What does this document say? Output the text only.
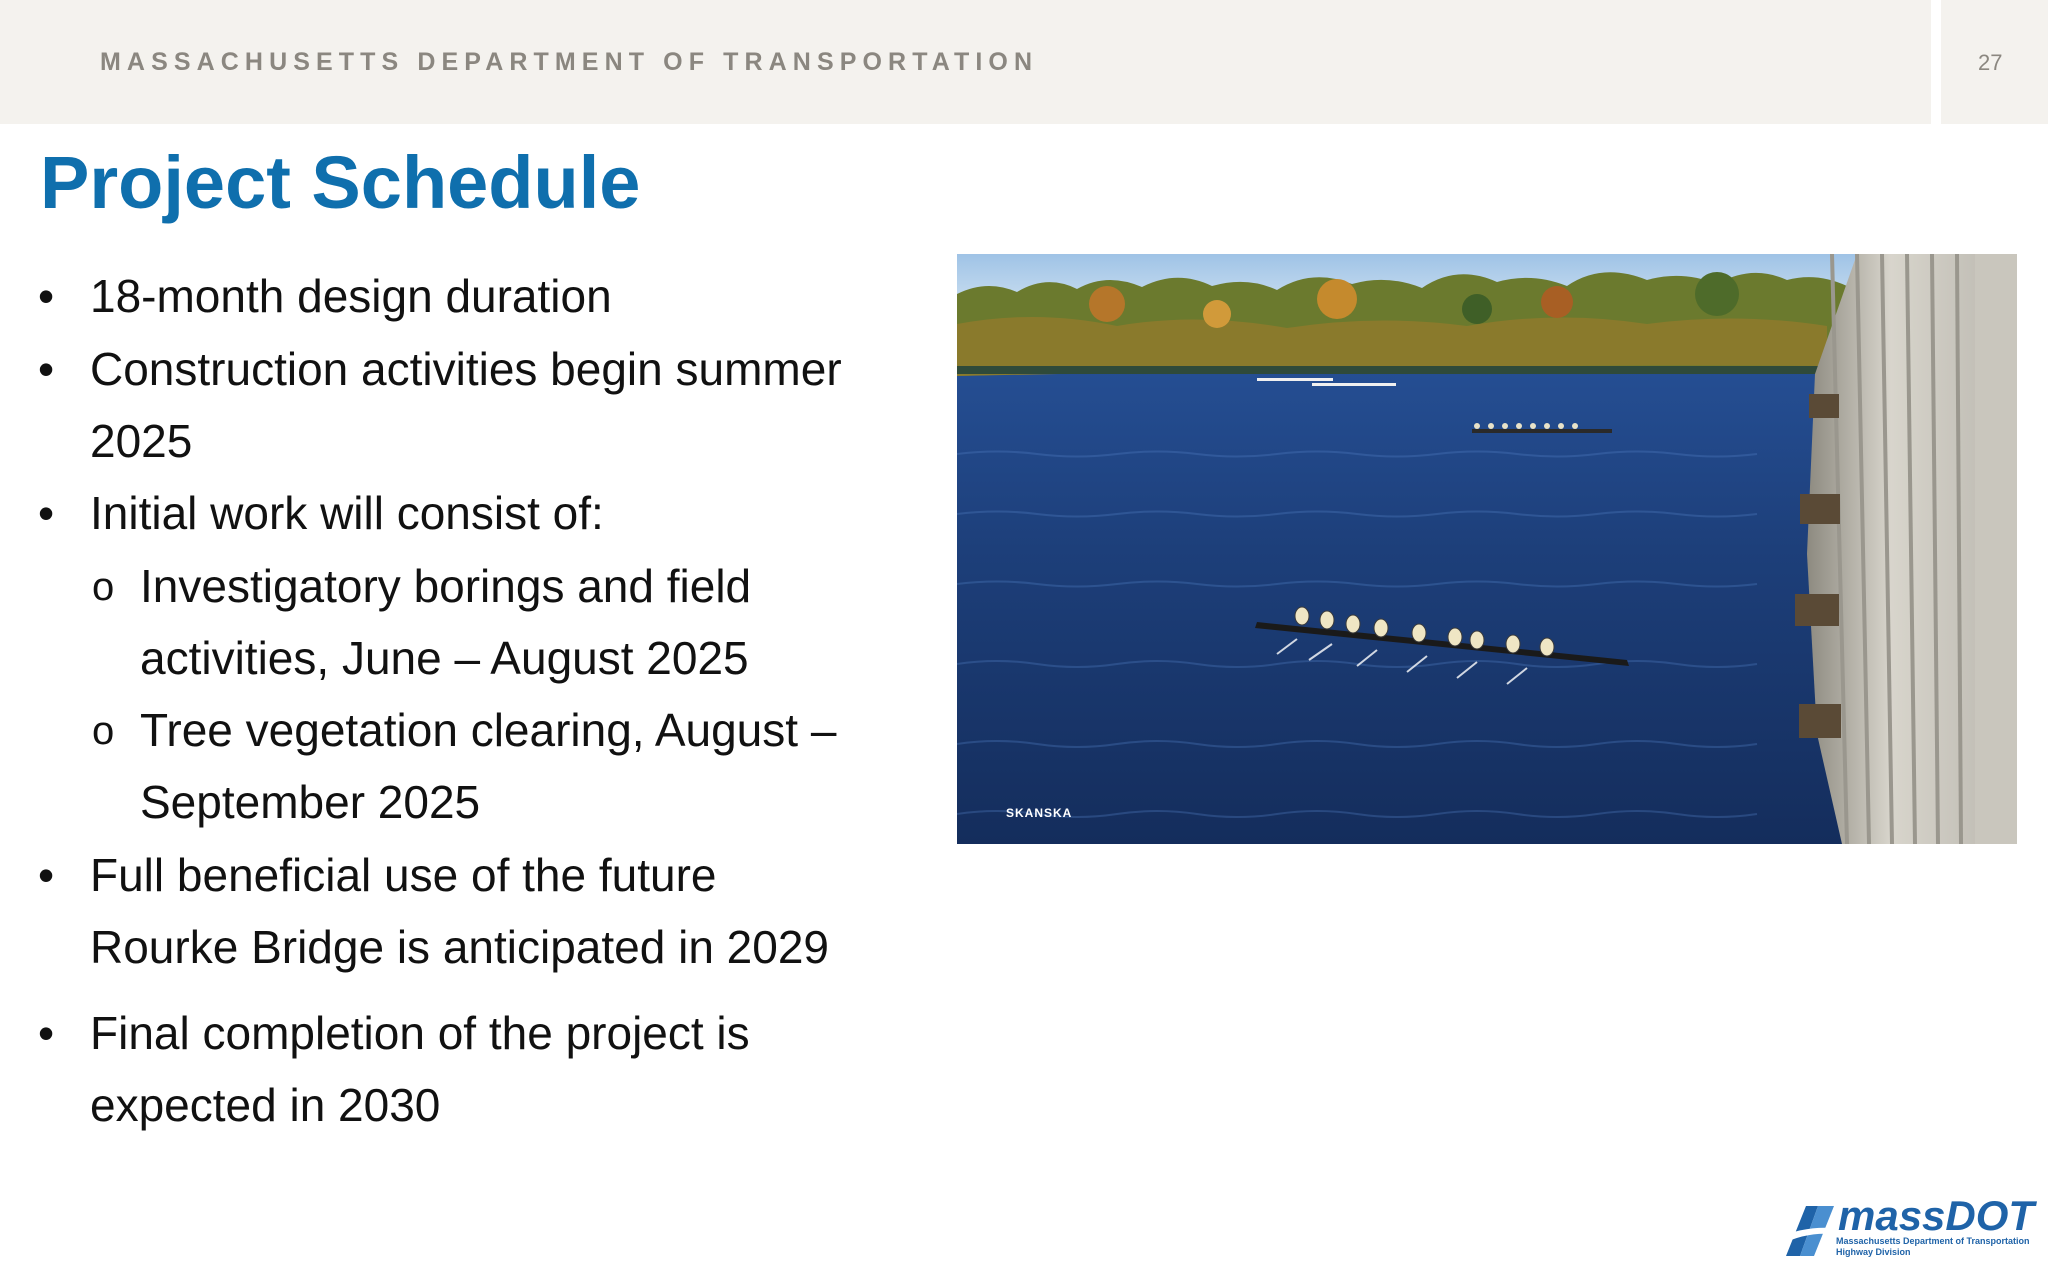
MASSACHUSETTS DEPARTMENT OF TRANSPORTATION	27
Project Schedule
• 18-month design duration
• Construction activities begin summer
2025
• Initial work will consist of:
o Investigatory borings and field
activities, June – August 2025
o Tree vegetation clearing, August –
September 2025
• Full beneficial use of the future
Rourke Bridge is anticipated in 2029
• Final completion of the project is
expected in 2030
SKANSKA
massDOT
Massachusetts Department of Transportation
Highway Division
